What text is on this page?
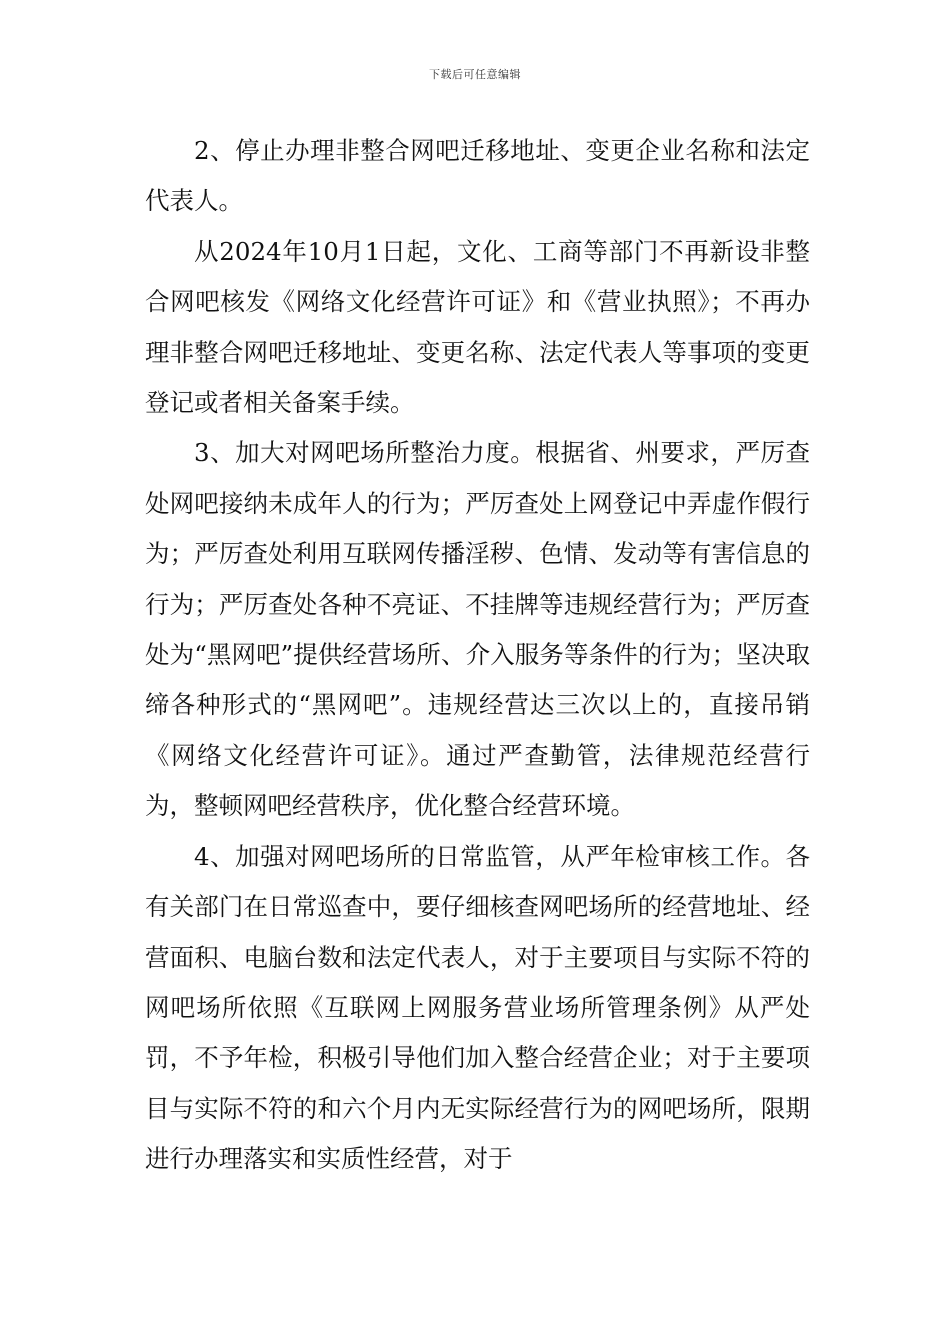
下载后可任意编辑

2、停止办理非整合网吧迁移地址、变更企业名称和法定代表人。

从2024年10月1日起，文化、工商等部门不再新设非整合网吧核发《网络文化经营许可证》和《营业执照》；不再办理非整合网吧迁移地址、变更名称、法定代表人等事项的变更登记或者相关备案手续。

3、加大对网吧场所整治力度。根据省、州要求，严厉查处网吧接纳未成年人的行为；严厉查处上网登记中弄虚作假行为；严厉查处利用互联网传播淫秽、色情、发动等有害信息的行为；严厉查处各种不亮证、不挂牌等违规经营行为；严厉查处为“黑网吧”提供经营场所、介入服务等条件的行为；坚决取缔各种形式的“黑网吧”。违规经营达三次以上的，直接吊销《网络文化经营许可证》。通过严查勤管，法律规范经营行为，整顿网吧经营秩序，优化整合经营环境。

4、加强对网吧场所的日常监管，从严年检审核工作。各有关部门在日常巡查中，要仔细核查网吧场所的经营地址、经营面积、电脑台数和法定代表人，对于主要项目与实际不符的网吧场所依照《互联网上网服务营业场所管理条例》从严处罚，不予年检，积极引导他们加入整合经营企业；对于主要项目与实际不符的和六个月内无实际经营行为的网吧场所，限期进行办理落实和实质性经营，对于
